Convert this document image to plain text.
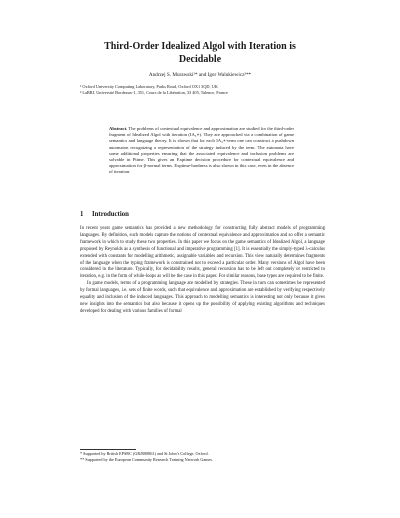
Third-Order Idealized Algol with Iteration is
Decidable
Andrzej S. Murawski¹* and Igor Walukiewicz²**
¹ Oxford University Computing Laboratory, Parks Road, Oxford OX1 3QD, UK
² LaBRI, Université Bordeaux-1, 351, Cours de la Libération, 33 405, Talence, France
Abstract. The problems of contextual equivalence and approximation are studied for the third-order fragment of Idealized Algol with iteration (IA₃∗). They are approached via a combination of game semantics and language theory. It is shown that for each IA₃∗-term one can construct a pushdown automaton recognizing a representation of the strategy induced by the term. The automata have some additional properties ensuring that the associated equivalence and inclusion problems are solvable in Ptime. This gives an Exptime decision procedure for contextual equivalence and approximation for β-normal terms. Exptime-hardness is also shown in this case, even in the absence of iteration.
1 Introduction

In recent years game semantics has provided a new methodology for constructing fully abstract models of programming languages. By definition, such models capture the notions of contextual equivalence and approximation and so offer a semantic framework in which to study these two properties. In this paper we focus on the game semantics of Idealized Algol, a language proposed by Reynolds as a synthesis of functional and imperative programming [1]. It is essentially the simply-typed λ-calculus extended with constants for modelling arithmetic, assignable variables and recursion. This view naturally determines fragments of the language when the typing framework is constrained not to exceed a particular order. Many versions of Algol have been considered in the literature. Typically, for decidability results, general recursion has to be left out completely or restricted to iteration, e.g. in the form of while-loops as will be the case in this paper. For similar reasons, base types are required to be finite.

In game models, terms of a programming language are modelled by strategies. These in turn can sometimes be represented by formal languages, i.e. sets of finite words, such that equivalence and approximation are established by verifying respectively equality and inclusion of the induced languages. This approach to modelling semantics is interesting not only because it gives new insights into the semantics but also because it opens up the possibility of applying existing algorithms and techniques developed for dealing with various families of formal

* Supported by British EPSRC (GR/R88861) and St John’s College, Oxford.
** Supported by the European Community Research Training Network Games.
